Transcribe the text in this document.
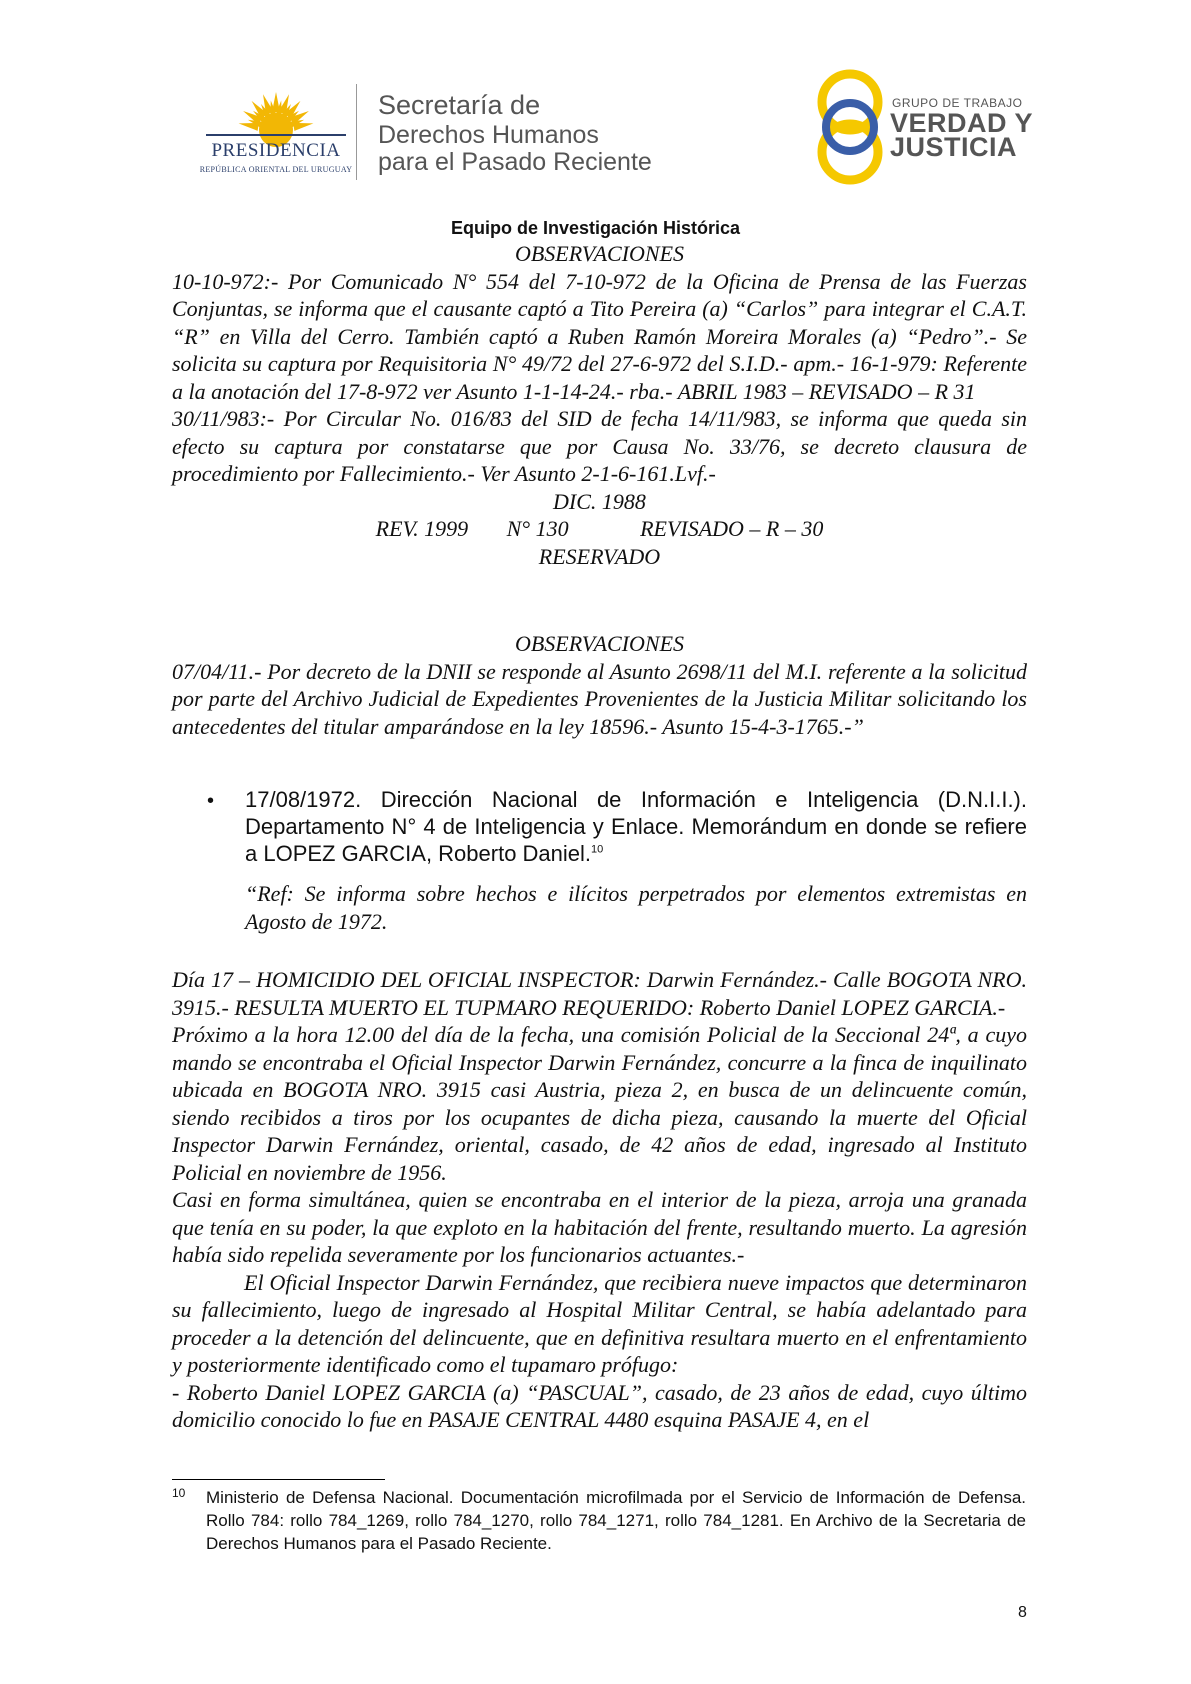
PRESIDENCIA
REPÚBLICA ORIENTAL DEL URUGUAY
Secretaría de
Derechos Humanos
para el Pasado Reciente
GRUPO DE TRABAJO
VERDAD Y
JUSTICIA
Equipo de Investigación Histórica

OBSERVACIONES

10-10-972:- Por Comunicado N° 554 del 7-10-972 de la Oficina de Prensa de las Fuerzas Conjuntas, se informa que el causante captó a Tito Pereira (a) “Carlos” para integrar el C.A.T. “R” en Villa del Cerro. También captó a Ruben Ramón Moreira Morales (a) “Pedro”.- Se solicita su captura por Requisitoria N° 49/72 del 27-6-972 del S.I.D.- apm.- 16-1-979: Referente a la anotación del 17-8-972 ver Asunto 1-1-14-24.- rba.- ABRIL 1983 – REVISADO – R 31

30/11/983:- Por Circular No. 016/83 del SID de fecha 14/11/983, se informa que queda sin efecto su captura por constatarse que por Causa No. 33/76, se decreto clausura de procedimiento por Fallecimiento.- Ver Asunto 2-1-6-161.Lvf.-

DIC. 1988

REV. 1999       N° 130             REVISADO – R – 30

RESERVADO

OBSERVACIONES

07/04/11.- Por decreto de la DNII se responde al Asunto 2698/11 del M.I. referente a la solicitud por parte del Archivo Judicial de Expedientes Provenientes de la Justicia Militar solicitando los antecedentes del titular amparándose en la ley 18596.- Asunto 15-4-3-1765.-”

• 17/08/1972. Dirección Nacional de Información e Inteligencia (D.N.I.I.). Departamento N° 4 de Inteligencia y Enlace. Memorándum en donde se refiere a LOPEZ GARCIA, Roberto Daniel.$^{10}$
“Ref: Se informa sobre hechos e ilícitos perpetrados por elementos extremistas en Agosto de 1972.

Día 17 – HOMICIDIO DEL OFICIAL INSPECTOR: Darwin Fernández.- Calle BOGOTA NRO. 3915.- RESULTA MUERTO EL TUPMARO REQUERIDO: Roberto Daniel LOPEZ GARCIA.-

Próximo a la hora 12.00 del día de la fecha, una comisión Policial de la Seccional 24ª, a cuyo mando se encontraba el Oficial Inspector Darwin Fernández, concurre a la finca de inquilinato ubicada en BOGOTA NRO. 3915 casi Austria, pieza 2, en busca de un delincuente común, siendo recibidos a tiros por los ocupantes de dicha pieza, causando la muerte del Oficial Inspector Darwin Fernández, oriental, casado, de 42 años de edad, ingresado al Instituto Policial en noviembre de 1956.

Casi en forma simultánea, quien se encontraba en el interior de la pieza, arroja una granada que tenía en su poder, la que exploto en la habitación del frente, resultando muerto. La agresión había sido repelida severamente por los funcionarios actuantes.-

El Oficial Inspector Darwin Fernández, que recibiera nueve impactos que determinaron su fallecimiento, luego de ingresado al Hospital Militar Central, se había adelantado para proceder a la detención del delincuente, que en definitiva resultara muerto en el enfrentamiento y posteriormente identificado como el tupamaro prófugo:

- Roberto Daniel LOPEZ GARCIA (a) “PASCUAL”, casado, de 23 años de edad, cuyo último domicilio conocido lo fue en PASAJE CENTRAL 4480 esquina PASAJE 4, en el

10 Ministerio de Defensa Nacional. Documentación microfilmada por el Servicio de Información de Defensa. Rollo 784: rollo 784_1269, rollo 784_1270, rollo 784_1271, rollo 784_1281. En Archivo de la Secretaria de Derechos Humanos para el Pasado Reciente.
8
